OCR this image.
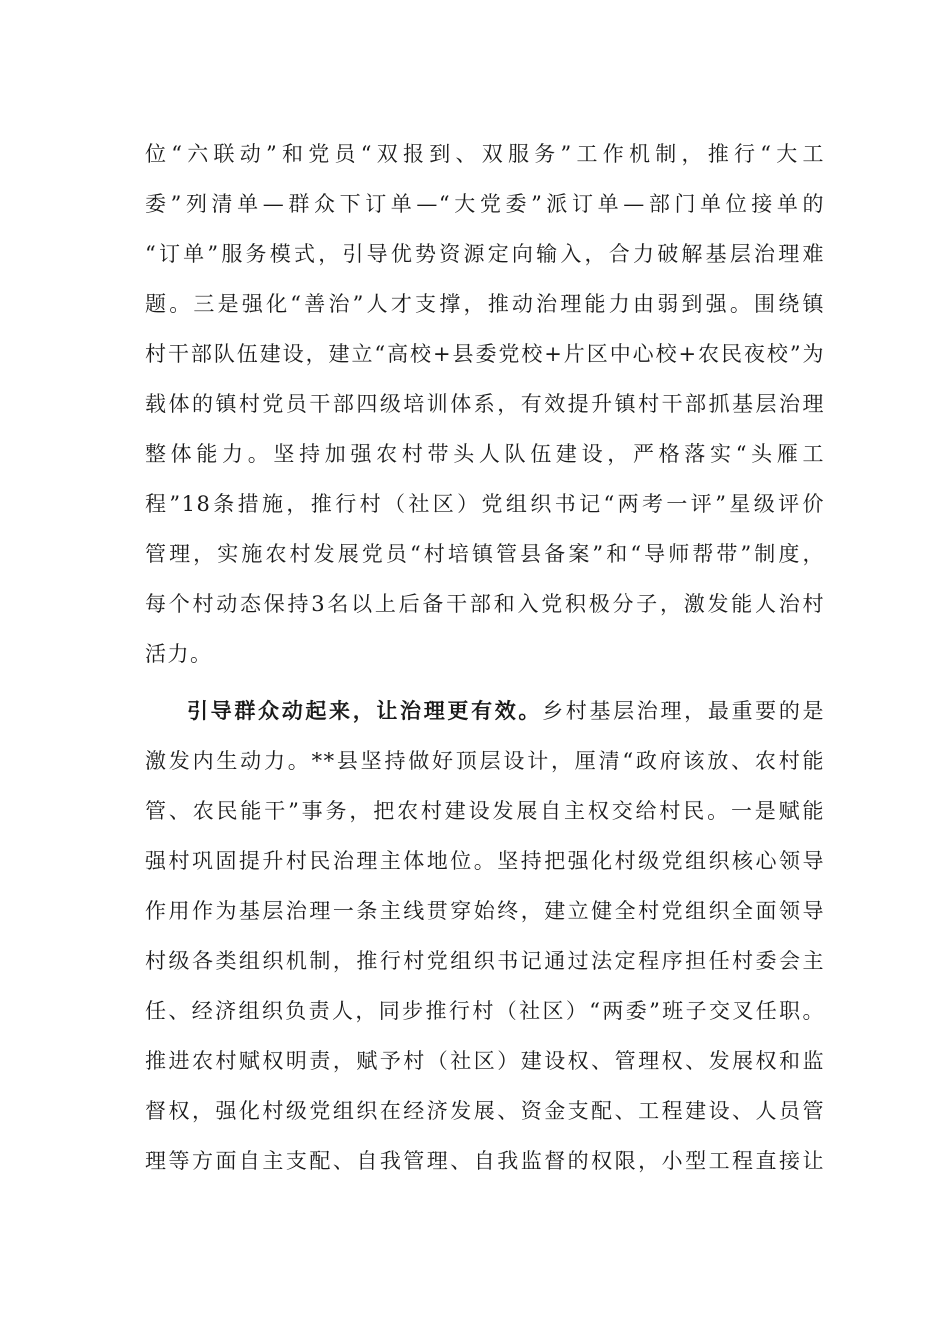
位“六联动”和党员“双报到、双服务”工作机制，推行“大工
委”列清单—群众下订单—“大党委”派订单—部门单位接单的
“订单”服务模式，引导优势资源定向输入，合力破解基层治理难
题。三是强化“善治”人才支撑，推动治理能力由弱到强。围绕镇
村干部队伍建设，建立“高校+县委党校+片区中心校+农民夜校”为
载体的镇村党员干部四级培训体系，有效提升镇村干部抓基层治理
整体能力。坚持加强农村带头人队伍建设，严格落实“头雁工
程”18条措施，推行村（社区）党组织书记“两考一评”星级评价
管理，实施农村发展党员“村培镇管县备案”和“导师帮带”制度，
每个村动态保持3名以上后备干部和入党积极分子，激发能人治村
活力。
引导群众动起来，让治理更有效。乡村基层治理，最重要的是
激发内生动力。**县坚持做好顶层设计，厘清“政府该放、农村能
管、农民能干”事务，把农村建设发展自主权交给村民。一是赋能
强村巩固提升村民治理主体地位。坚持把强化村级党组织核心领导
作用作为基层治理一条主线贯穿始终，建立健全村党组织全面领导
村级各类组织机制，推行村党组织书记通过法定程序担任村委会主
任、经济组织负责人，同步推行村（社区）“两委”班子交叉任职。
推进农村赋权明责，赋予村（社区）建设权、管理权、发展权和监
督权，强化村级党组织在经济发展、资金支配、工程建设、人员管
理等方面自主支配、自我管理、自我监督的权限，小型工程直接让
